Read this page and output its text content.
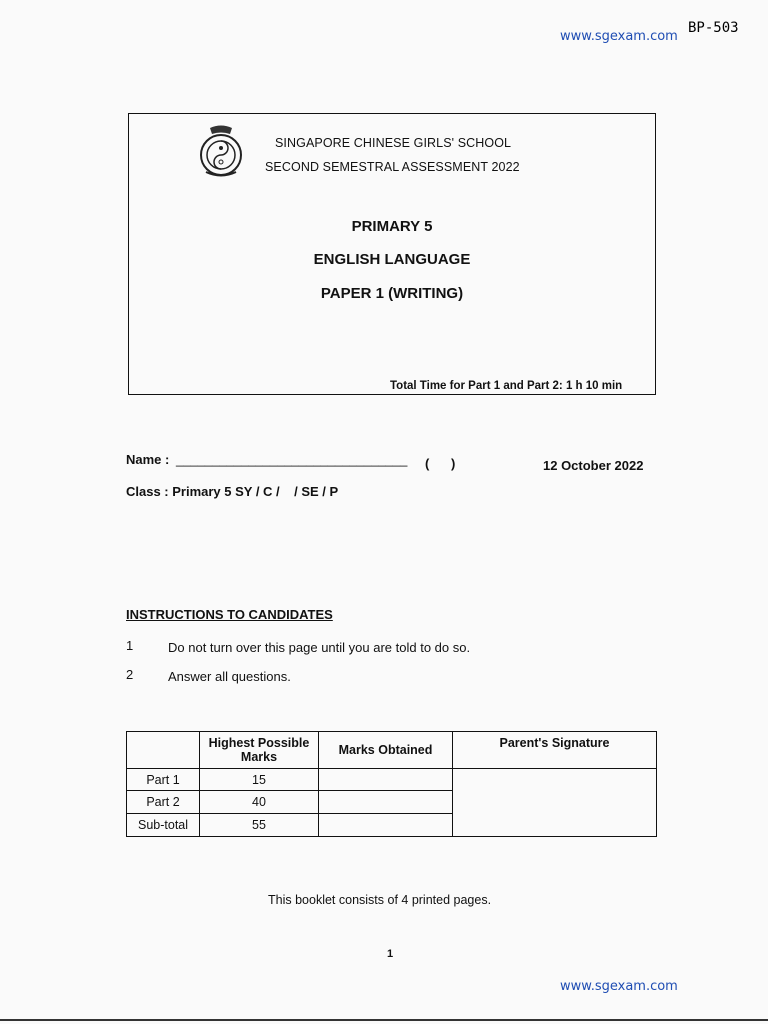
www.sgexam.com
BP-503
SINGAPORE CHINESE GIRLS' SCHOOL
SECOND SEMESTRAL ASSESSMENT 2022
PRIMARY 5
ENGLISH LANGUAGE
PAPER 1 (WRITING)
Total Time for Part 1 and Part 2: 1 h 10 min
Name : ________________________________ (      )	12 October 2022
Class : Primary 5 SY / C /    / SE / P
INSTRUCTIONS TO CANDIDATES
1	Do not turn over this page until you are told to do so.
2	Answer all questions.
	Highest Possible Marks	Marks Obtained	Parent's Signature
Part 1	15		
Part 2	40		
Sub-total	55		
This booklet consists of 4 printed pages.
1
www.sgexam.com
